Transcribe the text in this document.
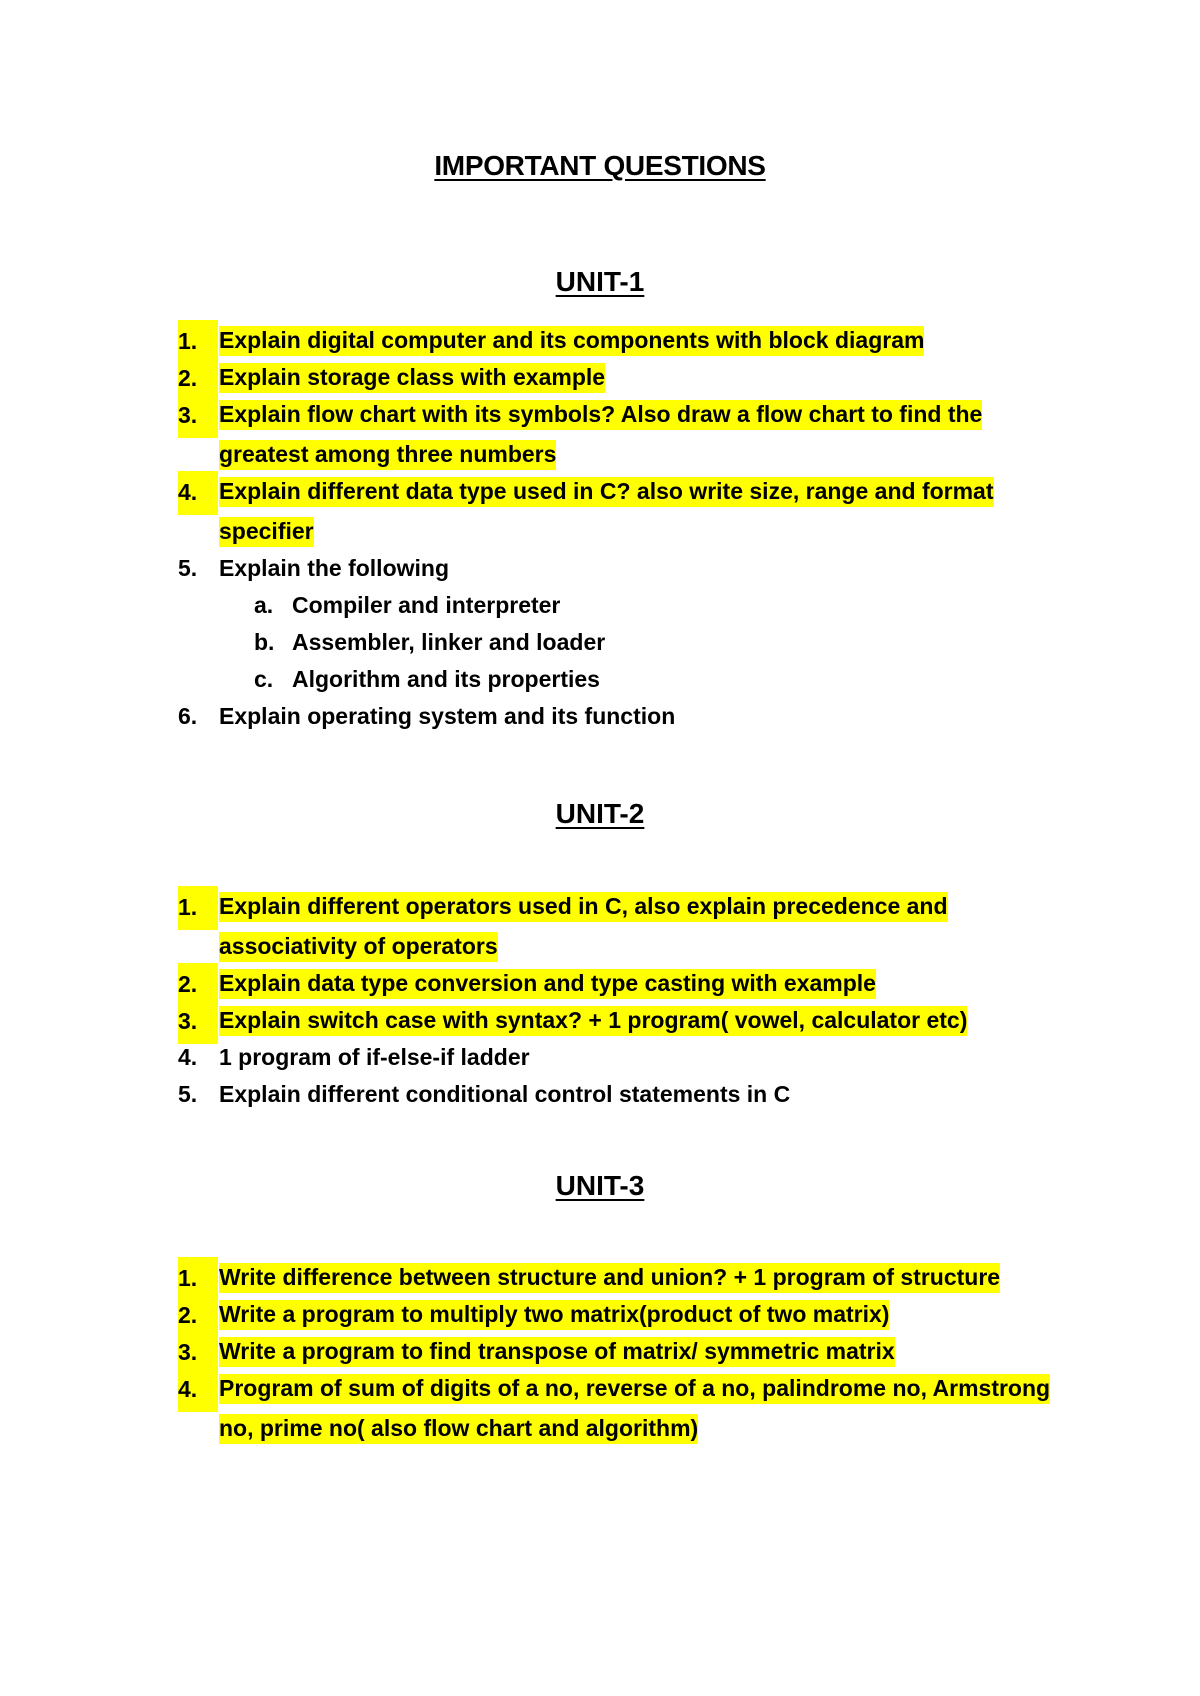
IMPORTANT QUESTIONS
UNIT-1
1. Explain digital computer and its components with block diagram
2. Explain storage class with example
3. Explain flow chart with its symbols? Also draw a flow chart to find the greatest among three numbers
4. Explain different data type used in C? also write size, range and format specifier
5. Explain the following
a. Compiler and interpreter
b. Assembler, linker and loader
c. Algorithm and its properties
6. Explain operating system and its function
UNIT-2
1. Explain different operators used in C, also explain precedence and associativity of operators
2. Explain data type conversion and type casting with example
3. Explain switch case with syntax? + 1 program( vowel, calculator etc)
4. 1 program of if-else-if ladder
5. Explain different conditional control statements in C
UNIT-3
1. Write difference between structure and union? + 1 program of structure
2. Write a program to multiply two matrix(product of two matrix)
3. Write a program to find transpose of matrix/ symmetric matrix
4. Program of sum of digits of a no, reverse of a no, palindrome no, Armstrong no, prime no( also flow chart and algorithm)
